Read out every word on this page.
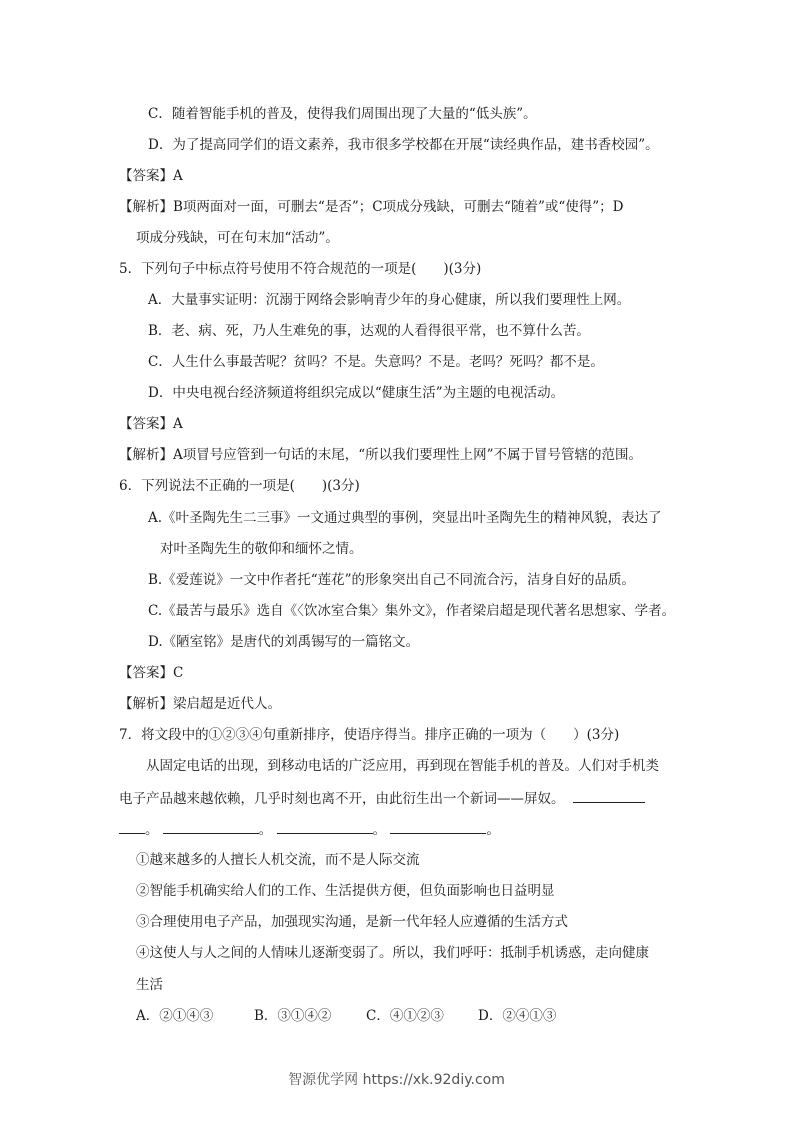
C．随着智能手机的普及，使得我们周围出现了大量的“低头族”。
D．为了提高同学们的语文素养，我市很多学校都在开展“读经典作品，建书香校园”。
【答案】A
【解析】B项两面对一面，可删去“是否”；C项成分残缺，可删去“随着”或“使得”；D
项成分残缺，可在句末加“活动”。
5．下列句子中标点符号使用不符合规范的一项是(　　)(3分)
A．大量事实证明：沉溺于网络会影响青少年的身心健康，所以我们要理性上网。
B．老、病、死，乃人生难免的事，达观的人看得很平常，也不算什么苦。
C．人生什么事最苦呢？贫吗？不是。失意吗？不是。老吗？死吗？都不是。
D．中央电视台经济频道将组织完成以“健康生活”为主题的电视活动。
【答案】A
【解析】A项冒号应管到一句话的末尾，“所以我们要理性上网”不属于冒号管辖的范围。
6．下列说法不正确的一项是(　　)(3分)
A.《叶圣陶先生二三事》一文通过典型的事例，突显出叶圣陶先生的精神风貌，表达了
对叶圣陶先生的敬仰和缅怀之情。
B.《爱莲说》一文中作者托“莲花”的形象突出自己不同流合污，洁身自好的品质。
C.《最苦与最乐》选自《〈饮冰室合集〉集外文》，作者梁启超是现代著名思想家、学者。
D.《陋室铭》是唐代的刘禹锡写的一篇铭文。
【答案】C
【解析】梁启超是近代人。
7．将文段中的①②③④句重新排序，使语序得当。排序正确的一项为（　　）(3分)
从固定电话的出现，到移动电话的广泛应用，再到现在智能手机的普及。人们对手机类
电子产品越来越依赖，几乎时刻也离不开，由此衍生出一个新词——屏奴。
。	。	。	。
①越来越多的人擅长人机交流，而不是人际交流
②智能手机确实给人们的工作、生活提供方便，但负面影响也日益明显
③合理使用电子产品，加强现实沟通，是新一代年轻人应遵循的生活方式
④这使人与人之间的人情味儿逐渐变弱了。所以，我们呼吁：抵制手机诱惑，走向健康
生活
A．②①④③	B．③①④②	C．④①②③	D．②④①③
智源优学网 https://xk.92diy.com
